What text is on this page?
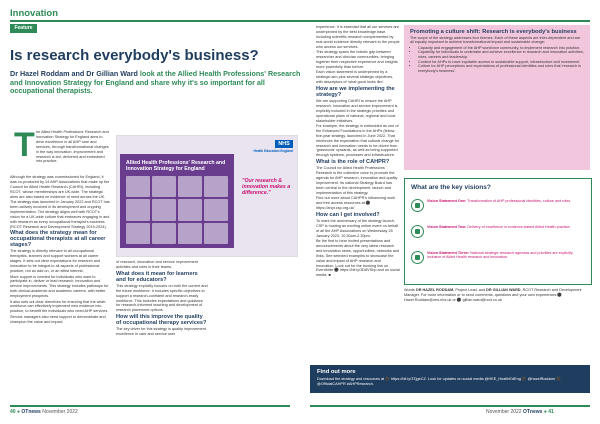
Innovation
Feature
Is research everybody's business?
Dr Hazel Roddam and Dr Gillian Ward look at the Allied Health Professions' Research and Innovation Strategy for England and share why it's so important for all occupational therapists.
T he Allied Health Professions' Research and Innovation Strategy for England aims to drive excellence in all AHP care and services, through transformational changes in the way innovation, improvement and research is led, delivered and embedded into practice.

Although the strategy was commissioned for England, it was co-produced by 14 AHP Associations that make up the Council for Allied Health Research (CAHRI), including RCOT, whose memberships are UK-wide. The strategic aims are also based on evidence of need across the UK.

The strategy was launched in January 2022 and RCOT has been actively involved in its development and ongoing implementation. The strategy aligns well with RCOT's vision for a UK-wide culture that embraces engaging in and with research as every occupational therapist's business (RCOT Research and Development Strategy 2019-2024).

What does the strategy mean for occupational therapists at all career stages?

The strategy is directly relevant to all occupational therapists, learners and support workers at all career stages. It sets out clear expectations for research and innovation to be integral to all aspects of professional practice, not an add on, or an elitist interest.

More support is needed for individuals who want to participate in, deliver or lead research, innovation and service improvements. This strategy includes pathways for both clinical-academic and academic careers, with better employment prospects.

It also sets out clear directives for ensuring that the wider workforce can effectively implement new evidence into practice, to benefit the individuals who need AHP services.

Service managers also need support to demonstrate and champion the value and impact

NHS
Health Education England
Allied Health Professions' Research and Innovation Strategy for England
"Our research & innovation makes a difference."

of research, innovation and service improvement activities and roles in their teams.

What does it mean for learners and for educators?

This strategy explicitly focuses on both the current and the future workforce. It includes specific objectives to support a research-confident and research-ready workforce. This includes expectations and guidance for research-informed teaching and development of research placement options.

How will this improve the quality of occupational therapy services?

The key driver for this strategy is quality improvement, excellence in care and service user

experience. It is essential that all our services are underpinned by the best knowledge base, including scientific research complemented by real-world evidence directly relevant to the people who access our services.

This strategy spans the holistic gap between researcher and clinician communities, bringing together their respective experience and insights more powerfully than before.

Each vision statement is underpinned by a strategic aim plus several strategic objectives, with descriptors of 'what good looks like'.

How are we implementing the strategy?

We are supporting CAHRI to ensure the AHP research, innovation and service improvement is explicitly included in the strategic priorities and operational plans of national, regional and local stakeholder initiatives.

For example, the strategy is embedded as one of the Enhanced Foundations in the AHPs (fellow five-year strategy, launched in June 2022. That reinforces the expectation that cultural change for research and innovation needs to be driven from 'grassroots' upwards, as well as being supported through systems, processes and infrastructure.

What is the role of CAHPR?

The Council for Allied Health Professions Research is the collective voice to promote the agenda for AHP research, innovation and quality improvement. Its national Strategy Board has been central to the development, launch and implementation of this strategy.

Find out more about CAHPR's influencing work and free access resources at ⚫ https://ahpr.csp.org.uk/

How can I get involved?

To mark the anniversary of the strategy launch, CSP is hosting an exciting online event on behalf of all the AHP Associations on Wednesday 25 January 2023, 10.30am-2.30pm.

Be the first to hear invited presentations and announcements about the very latest research and innovation news, opportunities, networks and links. See selected examples to showcase the value and impact of AHP research and innovation. Look out for the booking link on Eventbrite ⚫ https://bit.ly/3D8VShp and on social media. ■

Promoting a culture shift: Research is everybody's business
The scope of the strategy addresses four themes. Each of these aspects are inter-dependent and are all equally important to achieve transformational impact and sustainable change:
• Capacity and engagement of the AHP workforce community, to implement research into practice.
• Capability for individuals to undertake and achieve excellence in research and innovation activities, roles, careers and leadership.
• Context for AHPs to have equitable access to sustainable support, infrastructure and investment.
• Culture for AHP perceptions and expectations of professional identities and roles that 'research is everybody's business'.
What are the key visions?
Vision Statement One: Transformation of AHP professional identities, culture and roles.
Vision Statement Two: Delivery of excellence in evidence-based Allied Health practice.
Vision Statement Three: National strategic research agendas and priorities are explicitly inclusive of Allied Health research and innovation.
Words DR HAZEL RODDAM, Project Lead, and DR GILLIAN WARD, RCOT Research and Development Manager. For more information or to send comments, questions and your own experiences ⚫ Hazel.Roddam@nes.nhs.uk or ⚫ gillian.ward@rcot.co.uk
Find out more
Download the strategy and resources at ⚫ https://bit.ly/3TjgeCZ. Look for updates on social media @HEE_HealthEdEng ⚫ @hazelRoddam ⚫ @OfficialCAHPR #AHPResearch.
40 ● OTnews November 2022	November 2022 OTnews ● 41
